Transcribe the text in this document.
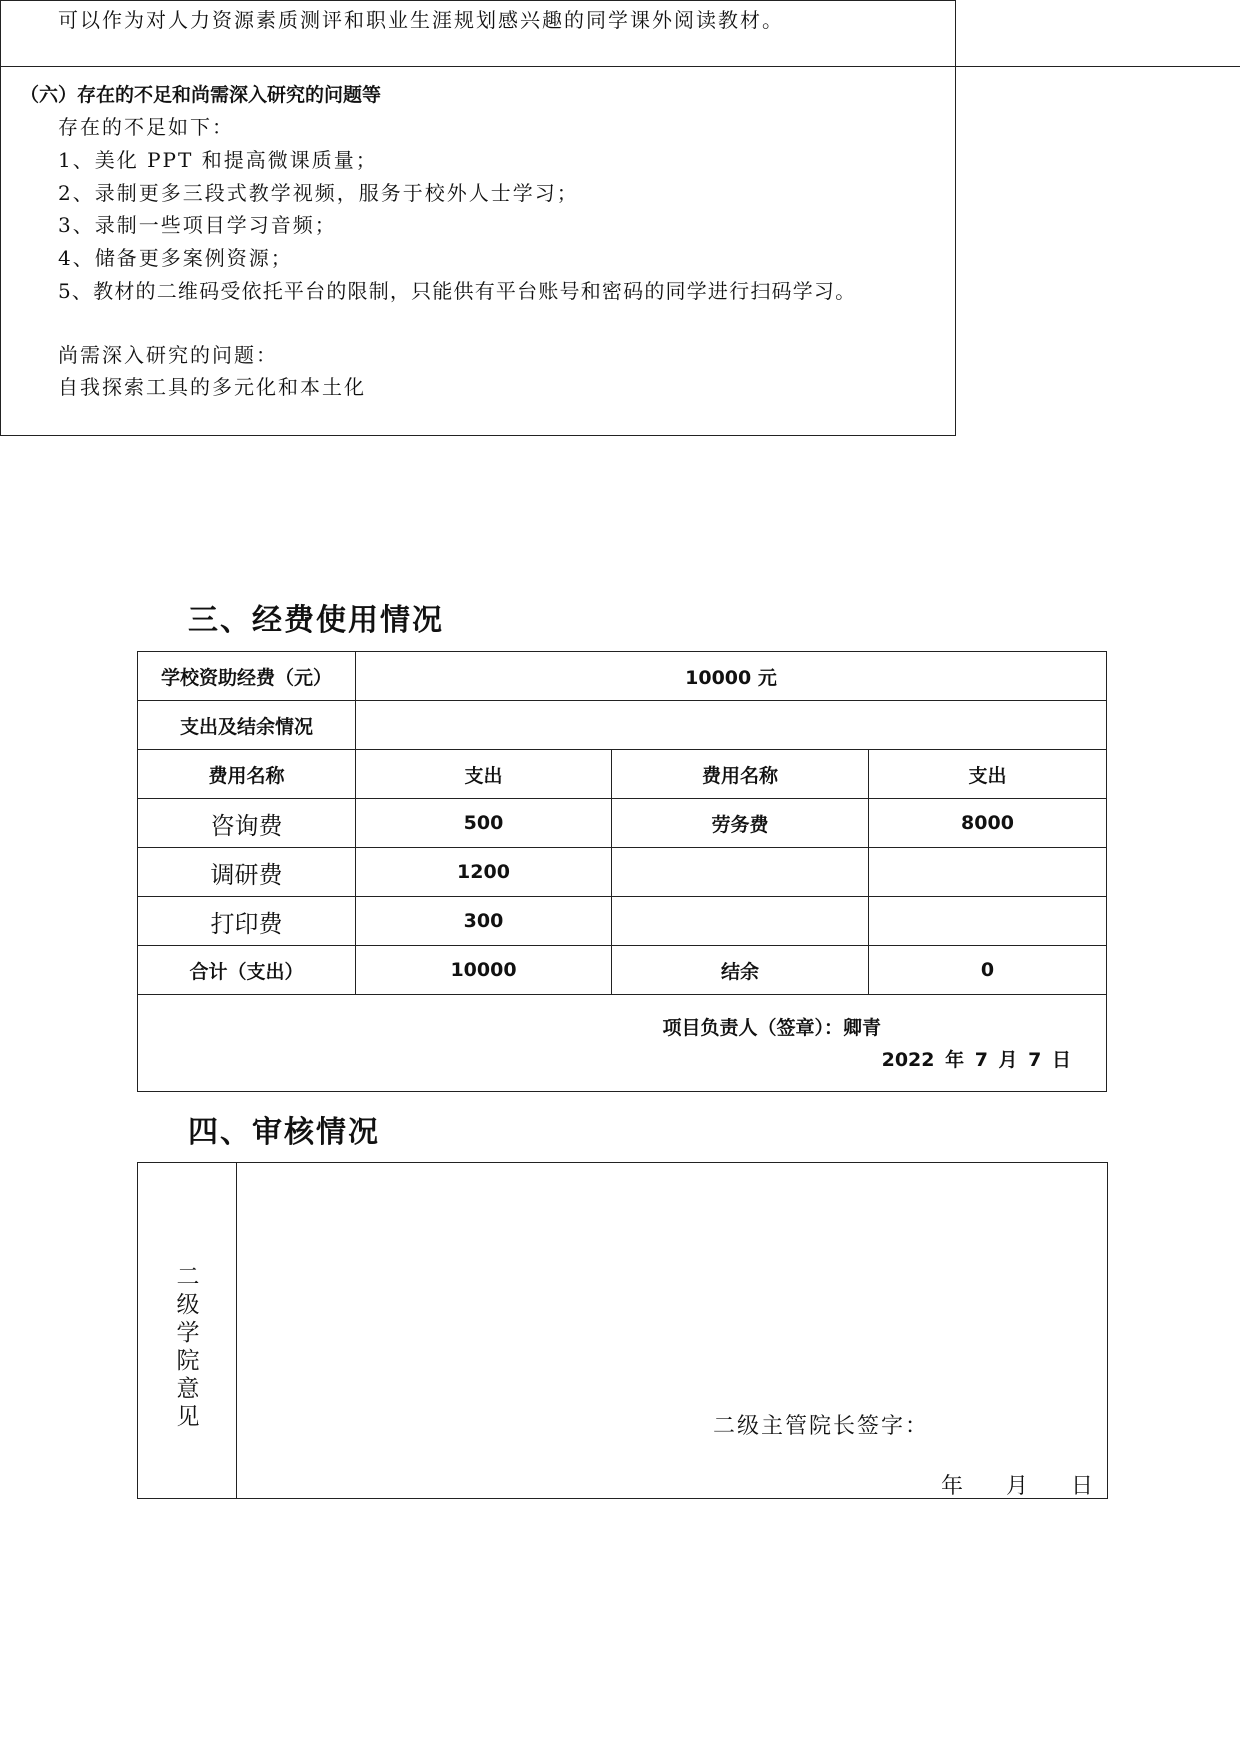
可以作为对人力资源素质测评和职业生涯规划感兴趣的同学课外阅读教材。
（六）存在的不足和尚需深入研究的问题等
存在的不足如下：
1、美化 PPT 和提高微课质量；
2、录制更多三段式教学视频，服务于校外人士学习；
3、录制一些项目学习音频；
4、储备更多案例资源；
5、教材的二维码受依托平台的限制，只能供有平台账号和密码的同学进行扫码学习。
尚需深入研究的问题：
自我探索工具的多元化和本土化
三、经费使用情况
学校资助经费（元）	10000 元		
支出及结余情况			
费用名称	支出	费用名称	支出
咨询费	500	劳务费	8000
调研费	1200		
打印费	300		
合计（支出）	10000	结余	0

项目负责人（签章）：卿青
2022 年 7 月 7 日			
四、审核情况
二级学院意见	二级主管院长签字：
年 月 日
